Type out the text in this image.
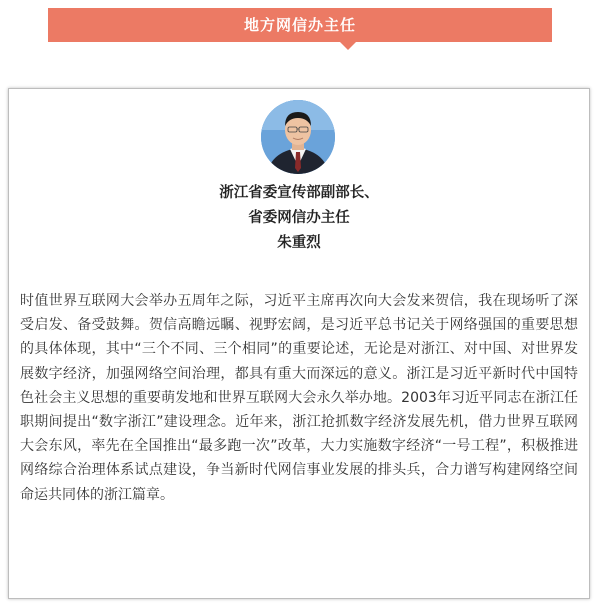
地方网信办主任
浙江省委宣传部副部长、
省委网信办主任
朱重烈

时值世界互联网大会举办五周年之际，习近平主席再次向大会发来贺信，我在现场听了深受启发、备受鼓舞。贺信高瞻远瞩、视野宏阔，是习近平总书记关于网络强国的重要思想的具体体现，其中“三个不同、三个相同”的重要论述，无论是对浙江、对中国、对世界发展数字经济，加强网络空间治理，都具有重大而深远的意义。浙江是习近平新时代中国特色社会主义思想的重要萌发地和世界互联网大会永久举办地。2003年习近平同志在浙江任职期间提出“数字浙江”建设理念。近年来，浙江抢抓数字经济发展先机，借力世界互联网大会东风，率先在全国推出“最多跑一次”改革，大力实施数字经济“一号工程”，积极推进网络综合治理体系试点建设，争当新时代网信事业发展的排头兵，合力谱写构建网络空间命运共同体的浙江篇章。
